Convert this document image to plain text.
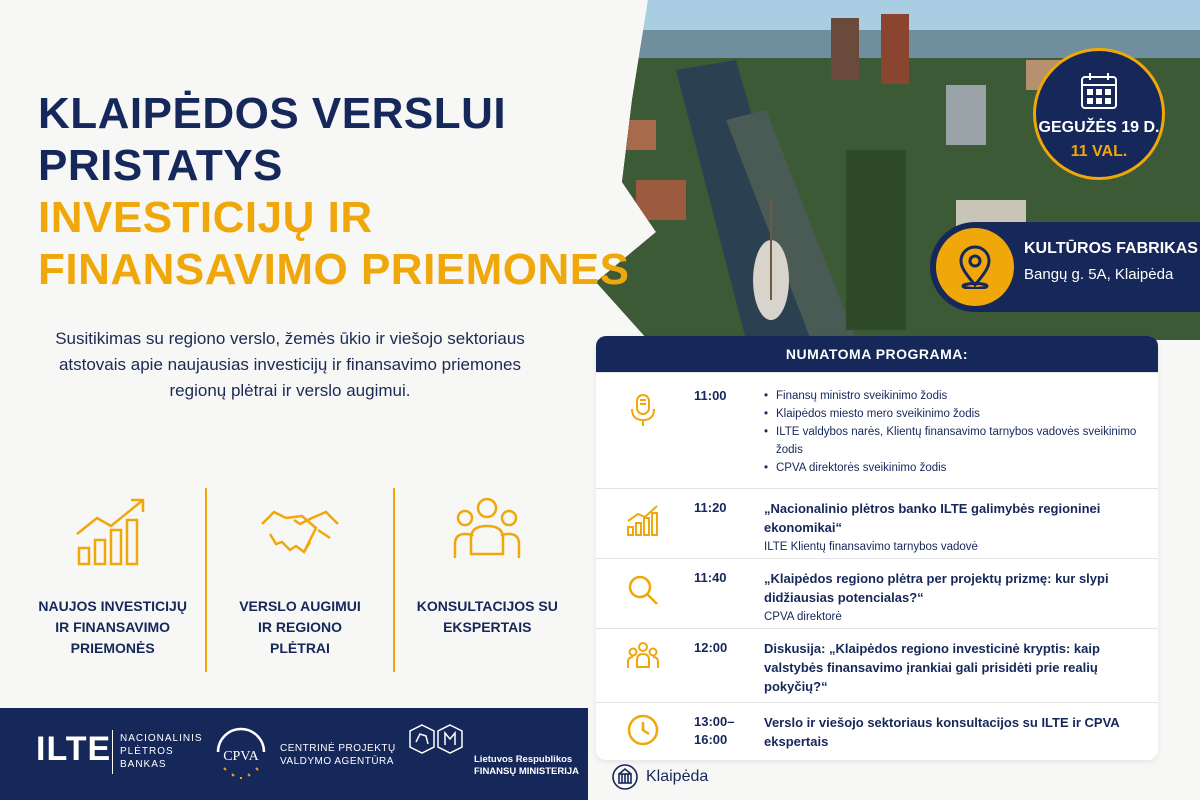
KLAIPĖDOS VERSLUI
PRISTATYS
INVESTICIJŲ IR
FINANSAVIMO PRIEMONES

Susitikimas su regiono verslo, žemės ūkio ir viešojo sektoriaus atstovais apie naujausias investicijų ir finansavimo priemones regionų plėtrai ir verslo augimui.

NAUJOS INVESTICIJŲ
IR FINANSAVIMO
PRIEMONĖS
VERSLO AUGIMUI
IR REGIONO
PLĖTRAI
KONSULTACIJOS SU
EKSPERTAIS
GEGUŽĖS 19 D.
11 VAL.
KULTŪROS FABRIKAS
Bangų g. 5A, Klaipėda
NUMATOMA PROGRAMA:
11:00
•	Finansų ministro sveikinimo žodis
• Klaipėdos miesto mero sveikinimo žodis
• ILTE valdybos narės, Klientų finansavimo tarnybos vadovės sveikinimo žodis
• CPVA direktorės sveikinimo žodis
11:20	„Nacionalinio plėtros banko ILTE galimybės regioninei ekonomikai“
ILTE Klientų finansavimo tarnybos vadovė
11:40	„Klaipėdos regiono plėtra per projektų prizmę: kur slypi didžiausias potencialas?“
CPVA direktorė
12:00	Diskusija: „Klaipėdos regiono investicinė kryptis: kaip valstybės finansavimo įrankiai gali prisidėti prie realių pokyčių?“
13:00–16:00
Verslo ir viešojo sektoriaus konsultacijos su ILTE ir CPVA ekspertais
ILTE NACIONALINIS
PLĖTROS
BANKAS
CPVA
CENTRINĖ PROJEKTŲ
VALDYMO AGENTŪRA	Lietuvos Respublikos
FINANSŲ MINISTERIJA	Klaipėda
